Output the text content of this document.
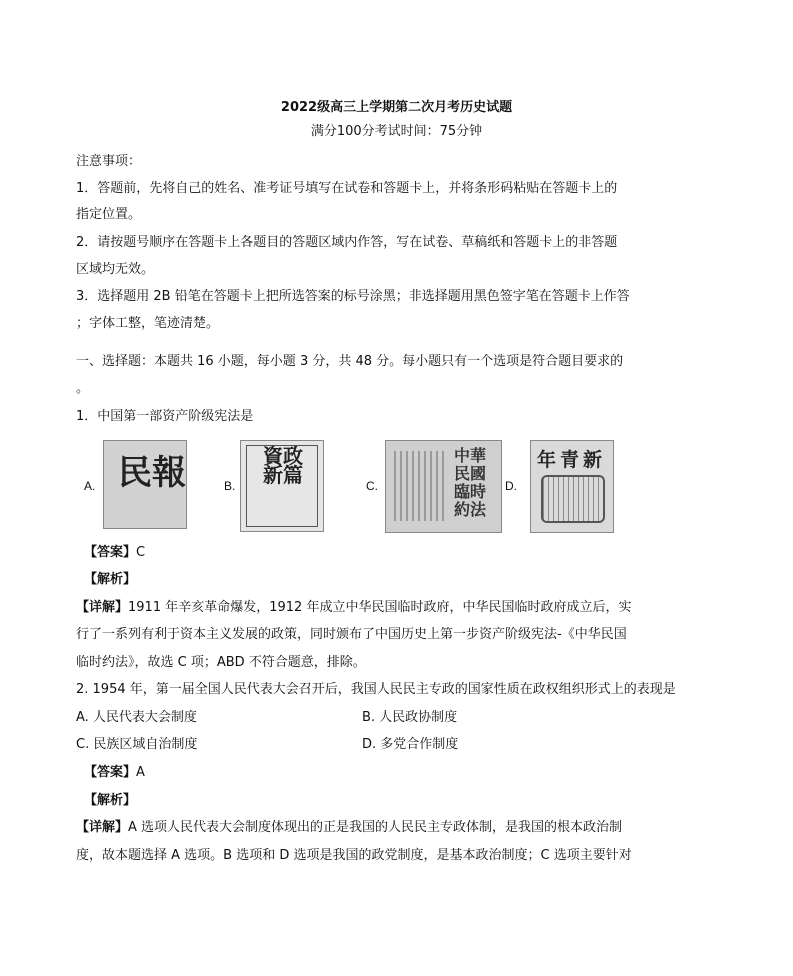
2022级高三上学期第二次月考历史试题
满分100分考试时间：75分钟
注意事项：
1．答题前，先将自己的姓名、准考证号填写在试卷和答题卡上，并将条形码粘贴在答题卡上的
指定位置。
2．请按题号顺序在答题卡上各题目的答题区域内作答，写在试卷、草稿纸和答题卡上的非答题
区域均无效。
3．选择题用 2B 铅笔在答题卡上把所选答案的标号涂黑；非选择题用黑色签字笔在答题卡上作答
；字体工整，笔迹清楚。
一、选择题：本题共 16 小题，每小题 3 分，共 48 分。每小题只有一个选项是符合题目要求的
。
1．中国第一部资产阶级宪法是
A. 民報	B.
資政新篇	C.
中華民國臨時約法
D.
新青年
【答案】C
【解析】
【详解】1911 年辛亥革命爆发，1912 年成立中华民国临时政府，中华民国临时政府成立后，实
行了一系列有利于资本主义发展的政策，同时颁布了中国历史上第一步资产阶级宪法-《中华民国
临时约法》，故选 C 项；ABD 不符合题意，排除。
2. 1954 年，第一届全国人民代表大会召开后，我国人民民主专政的国家性质在政权组织形式上的表现是
A. 人民代表大会制度	B. 人民政协制度
C. 民族区域自治制度	D. 多党合作制度
【答案】A
【解析】
【详解】A 选项人民代表大会制度体现出的正是我国的人民民主专政体制，是我国的根本政治制
度，故本题选择 A 选项。B 选项和 D 选项是我国的政党制度，是基本政治制度；C 选项主要针对
